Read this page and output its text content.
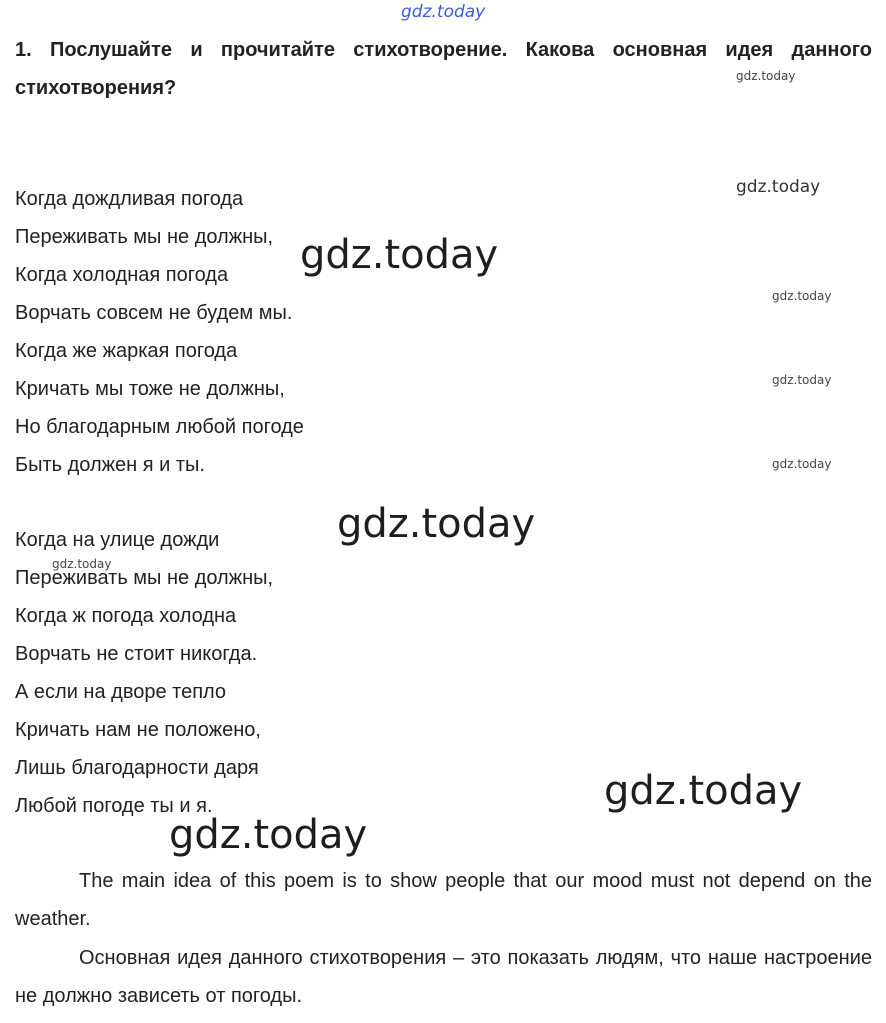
1. Послушайте и прочитайте стихотворение. Какова основная идея данного стихотворения?
Когда дождливая погода
Переживать мы не должны,
Когда холодная погода
Ворчать совсем не будем мы.
Когда же жаркая погода
Кричать мы тоже не должны,
Но благодарным любой погоде
Быть должен я и ты.
Когда на улице дожди
Переживать мы не должны,
Когда ж погода холодна
Ворчать не стоит никогда.
А если на дворе тепло
Кричать нам не положено,
Лишь благодарности даря
Любой погоде ты и я.

The main idea of this poem is to show people that our mood must not depend on the weather.

Основная идея данного стихотворения – это показать людям, что наше настроение не должно зависеть от погоды.

gdz.today
gdz.today
gdz.today
gdz.today
gdz.today
gdz.today
gdz.today
gdz.today
gdz.today
gdz.today
gdz.today
